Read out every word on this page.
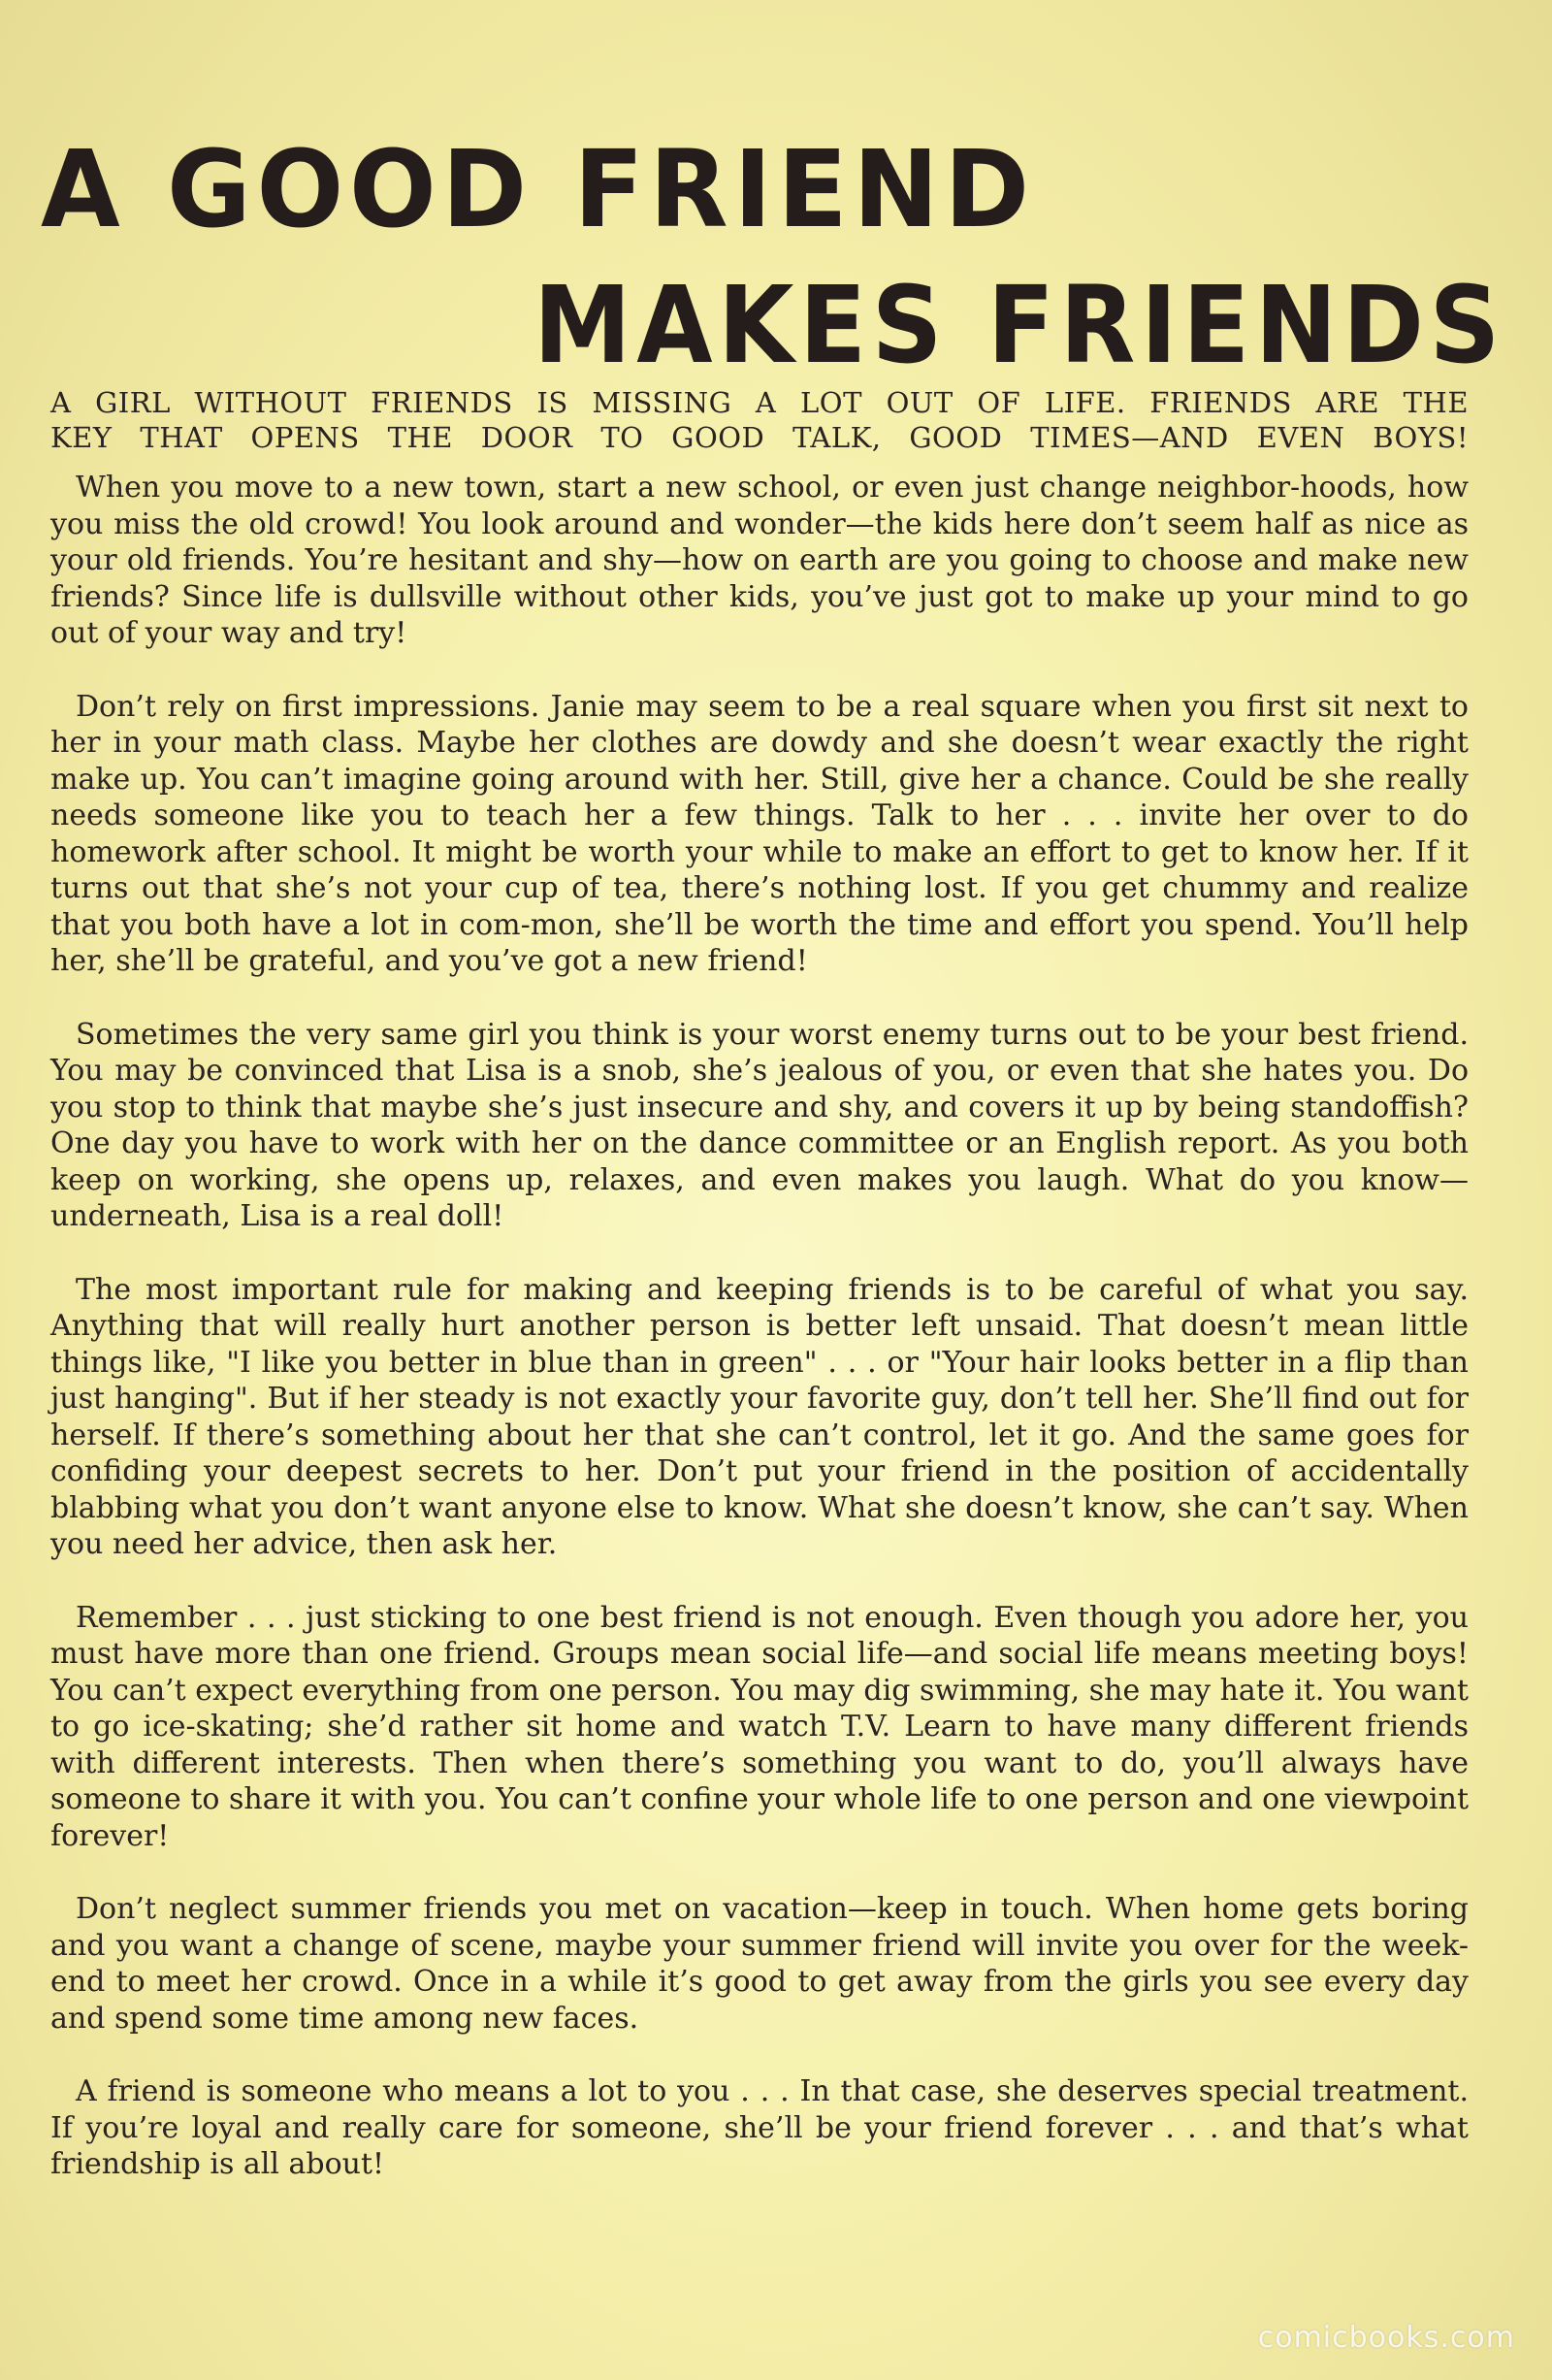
A GOOD FRIEND
MAKES FRIENDS

A GIRL WITHOUT FRIENDS IS MISSING A LOT OUT OF LIFE. FRIENDS ARE THE
KEY THAT OPENS THE DOOR TO GOOD TALK, GOOD TIMES—AND EVEN BOYS!

When you move to a new town, start a new school, or even just change neighbor-hoods, how you miss the old crowd! You look around and wonder—the kids here don’t seem half as nice as your old friends. You’re hesitant and shy—how on earth are you going to choose and make new friends? Since life is dullsville without other kids, you’ve just got to make up your mind to go out of your way and try!

Don’t rely on first impressions. Janie may seem to be a real square when you first sit next to her in your math class. Maybe her clothes are dowdy and she doesn’t wear exactly the right make up. You can’t imagine going around with her. Still, give her a chance. Could be she really needs someone like you to teach her a few things. Talk to her . . . invite her over to do homework after school. It might be worth your while to make an effort to get to know her. If it turns out that she’s not your cup of tea, there’s nothing lost. If you get chummy and realize that you both have a lot in com-mon, she’ll be worth the time and effort you spend. You’ll help her, she’ll be grateful, and you’ve got a new friend!

Sometimes the very same girl you think is your worst enemy turns out to be your best friend. You may be convinced that Lisa is a snob, she’s jealous of you, or even that she hates you. Do you stop to think that maybe she’s just insecure and shy, and covers it up by being standoffish? One day you have to work with her on the dance committee or an English report. As you both keep on working, she opens up, relaxes, and even makes you laugh. What do you know—underneath, Lisa is a real doll!

The most important rule for making and keeping friends is to be careful of what you say. Anything that will really hurt another person is better left unsaid. That doesn’t mean little things like, "I like you better in blue than in green" . . . or "Your hair looks better in a flip than just hanging". But if her steady is not exactly your favorite guy, don’t tell her. She’ll find out for herself. If there’s something about her that she can’t control, let it go. And the same goes for confiding your deepest secrets to her. Don’t put your friend in the position of accidentally blabbing what you don’t want anyone else to know. What she doesn’t know, she can’t say. When you need her advice, then ask her.

Remember . . . just sticking to one best friend is not enough. Even though you adore her, you must have more than one friend. Groups mean social life—and social life means meeting boys! You can’t expect everything from one person. You may dig swimming, she may hate it. You want to go ice-skating; she’d rather sit home and watch T.V. Learn to have many different friends with different interests. Then when there’s something you want to do, you’ll always have someone to share it with you. You can’t confine your whole life to one person and one viewpoint forever!

Don’t neglect summer friends you met on vacation—keep in touch. When home gets boring and you want a change of scene, maybe your summer friend will invite you over for the week-end to meet her crowd. Once in a while it’s good to get away from the girls you see every day and spend some time among new faces.

A friend is someone who means a lot to you . . . In that case, she deserves special treatment. If you’re loyal and really care for someone, she’ll be your friend forever . . . and that’s what friendship is all about!

comicbooks.com
